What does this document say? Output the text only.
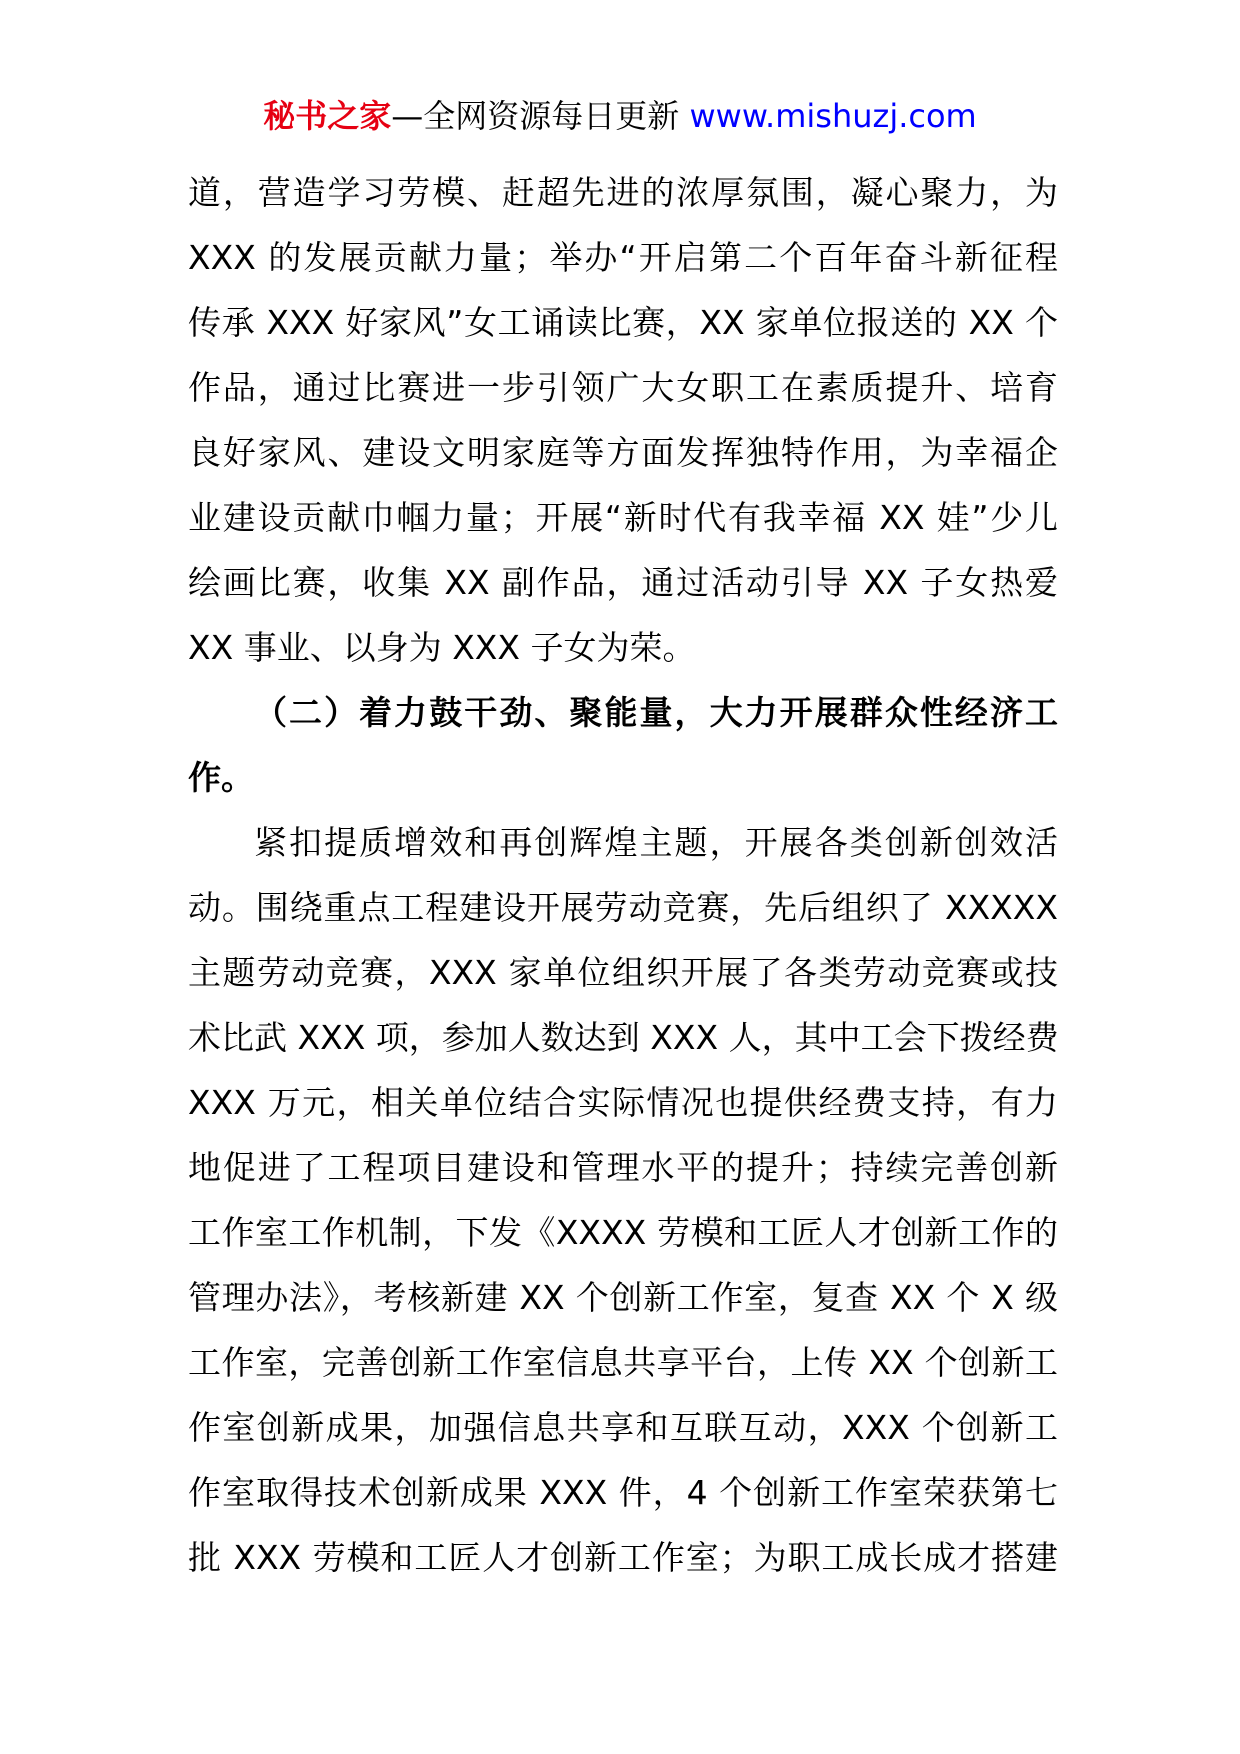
秘书之家—全网资源每日更新 www.mishuzj.com
道，营造学习劳模、赶超先进的浓厚氛围，凝心聚力，为
XXX 的发展贡献力量；举办“开启第二个百年奋斗新征程
传承 XXX 好家风”女工诵读比赛，XX 家单位报送的 XX 个
作品，通过比赛进一步引领广大女职工在素质提升、培育
良好家风、建设文明家庭等方面发挥独特作用，为幸福企
业建设贡献巾帼力量；开展“新时代有我幸福 XX 娃”少儿
绘画比赛，收集 XX 副作品，通过活动引导 XX 子女热爱
XX 事业、以身为 XXX 子女为荣。
（二）着力鼓干劲、聚能量，大力开展群众性经济工
作。
紧扣提质增效和再创辉煌主题，开展各类创新创效活
动。围绕重点工程建设开展劳动竞赛，先后组织了 XXXXX
主题劳动竞赛，XXX 家单位组织开展了各类劳动竞赛或技
术比武 XXX 项，参加人数达到 XXX 人，其中工会下拨经费
XXX 万元，相关单位结合实际情况也提供经费支持，有力
地促进了工程项目建设和管理水平的提升；持续完善创新
工作室工作机制，下发《XXXX 劳模和工匠人才创新工作的
管理办法》，考核新建 XX 个创新工作室，复查 XX 个 X 级
工作室，完善创新工作室信息共享平台，上传 XX 个创新工
作室创新成果，加强信息共享和互联互动，XXX 个创新工
作室取得技术创新成果 XXX 件，4 个创新工作室荣获第七
批 XXX 劳模和工匠人才创新工作室；为职工成长成才搭建
